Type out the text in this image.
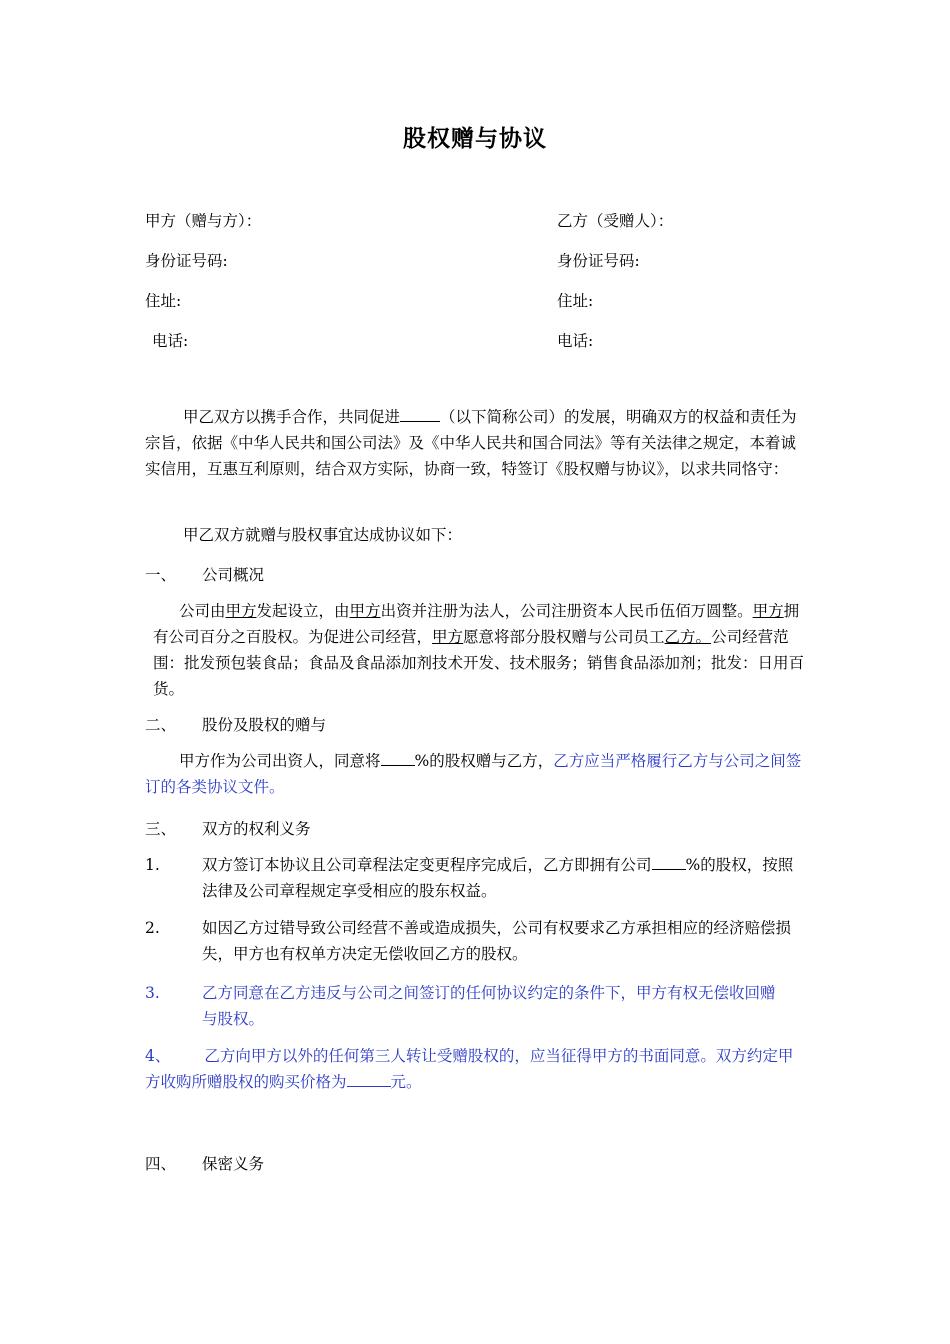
股权赠与协议
甲方（赠与方）：	乙方（受赠人）：
身份证号码:	身份证号码:
住址:	住址:
电话:	电话:
甲乙双方以携手合作，共同促进	（以下简称公司）的发展，明确双方的权益和责任为宗旨，依据《中华人民共和国公司法》及《中华人民共和国合同法》等有关法律之规定，本着诚实信用，互惠互利原则，结合双方实际，协商一致，特签订《股权赠与协议》，以求共同恪守：
甲乙双方就赠与股权事宜达成协议如下：
一、 公司概况
公司由甲方发起设立，由甲方出资并注册为法人，公司注册资本人民币伍佰万圆整。甲方拥有公司百分之百股权。为促进公司经营，甲方愿意将部分股权赠与公司员工乙方。公司经营范围：批发预包装食品；食品及食品添加剂技术开发、技术服务；销售食品添加剂；批发：日用百货。
二、 股份及股权的赠与
甲方作为公司出资人，同意将 %的股权赠与乙方，乙方应当严格履行乙方与公司之间签订的各类协议文件。
三、 双方的权利义务
1.	双方签订本协议且公司章程法定变更程序完成后，乙方即拥有公司 %的股权，按照法律及公司章程规定享受相应的股东权益。
2.	如因乙方过错导致公司经营不善或造成损失，公司有权要求乙方承担相应的经济赔偿损失，甲方也有权单方决定无偿收回乙方的股权。
3.	乙方同意在乙方违反与公司之间签订的任何协议约定的条件下，甲方有权无偿收回赠与股权。
4、 乙方向甲方以外的任何第三人转让受赠股权的，应当征得甲方的书面同意。双方约定甲方收购所赠股权的购买价格为	元。
四、 保密义务
